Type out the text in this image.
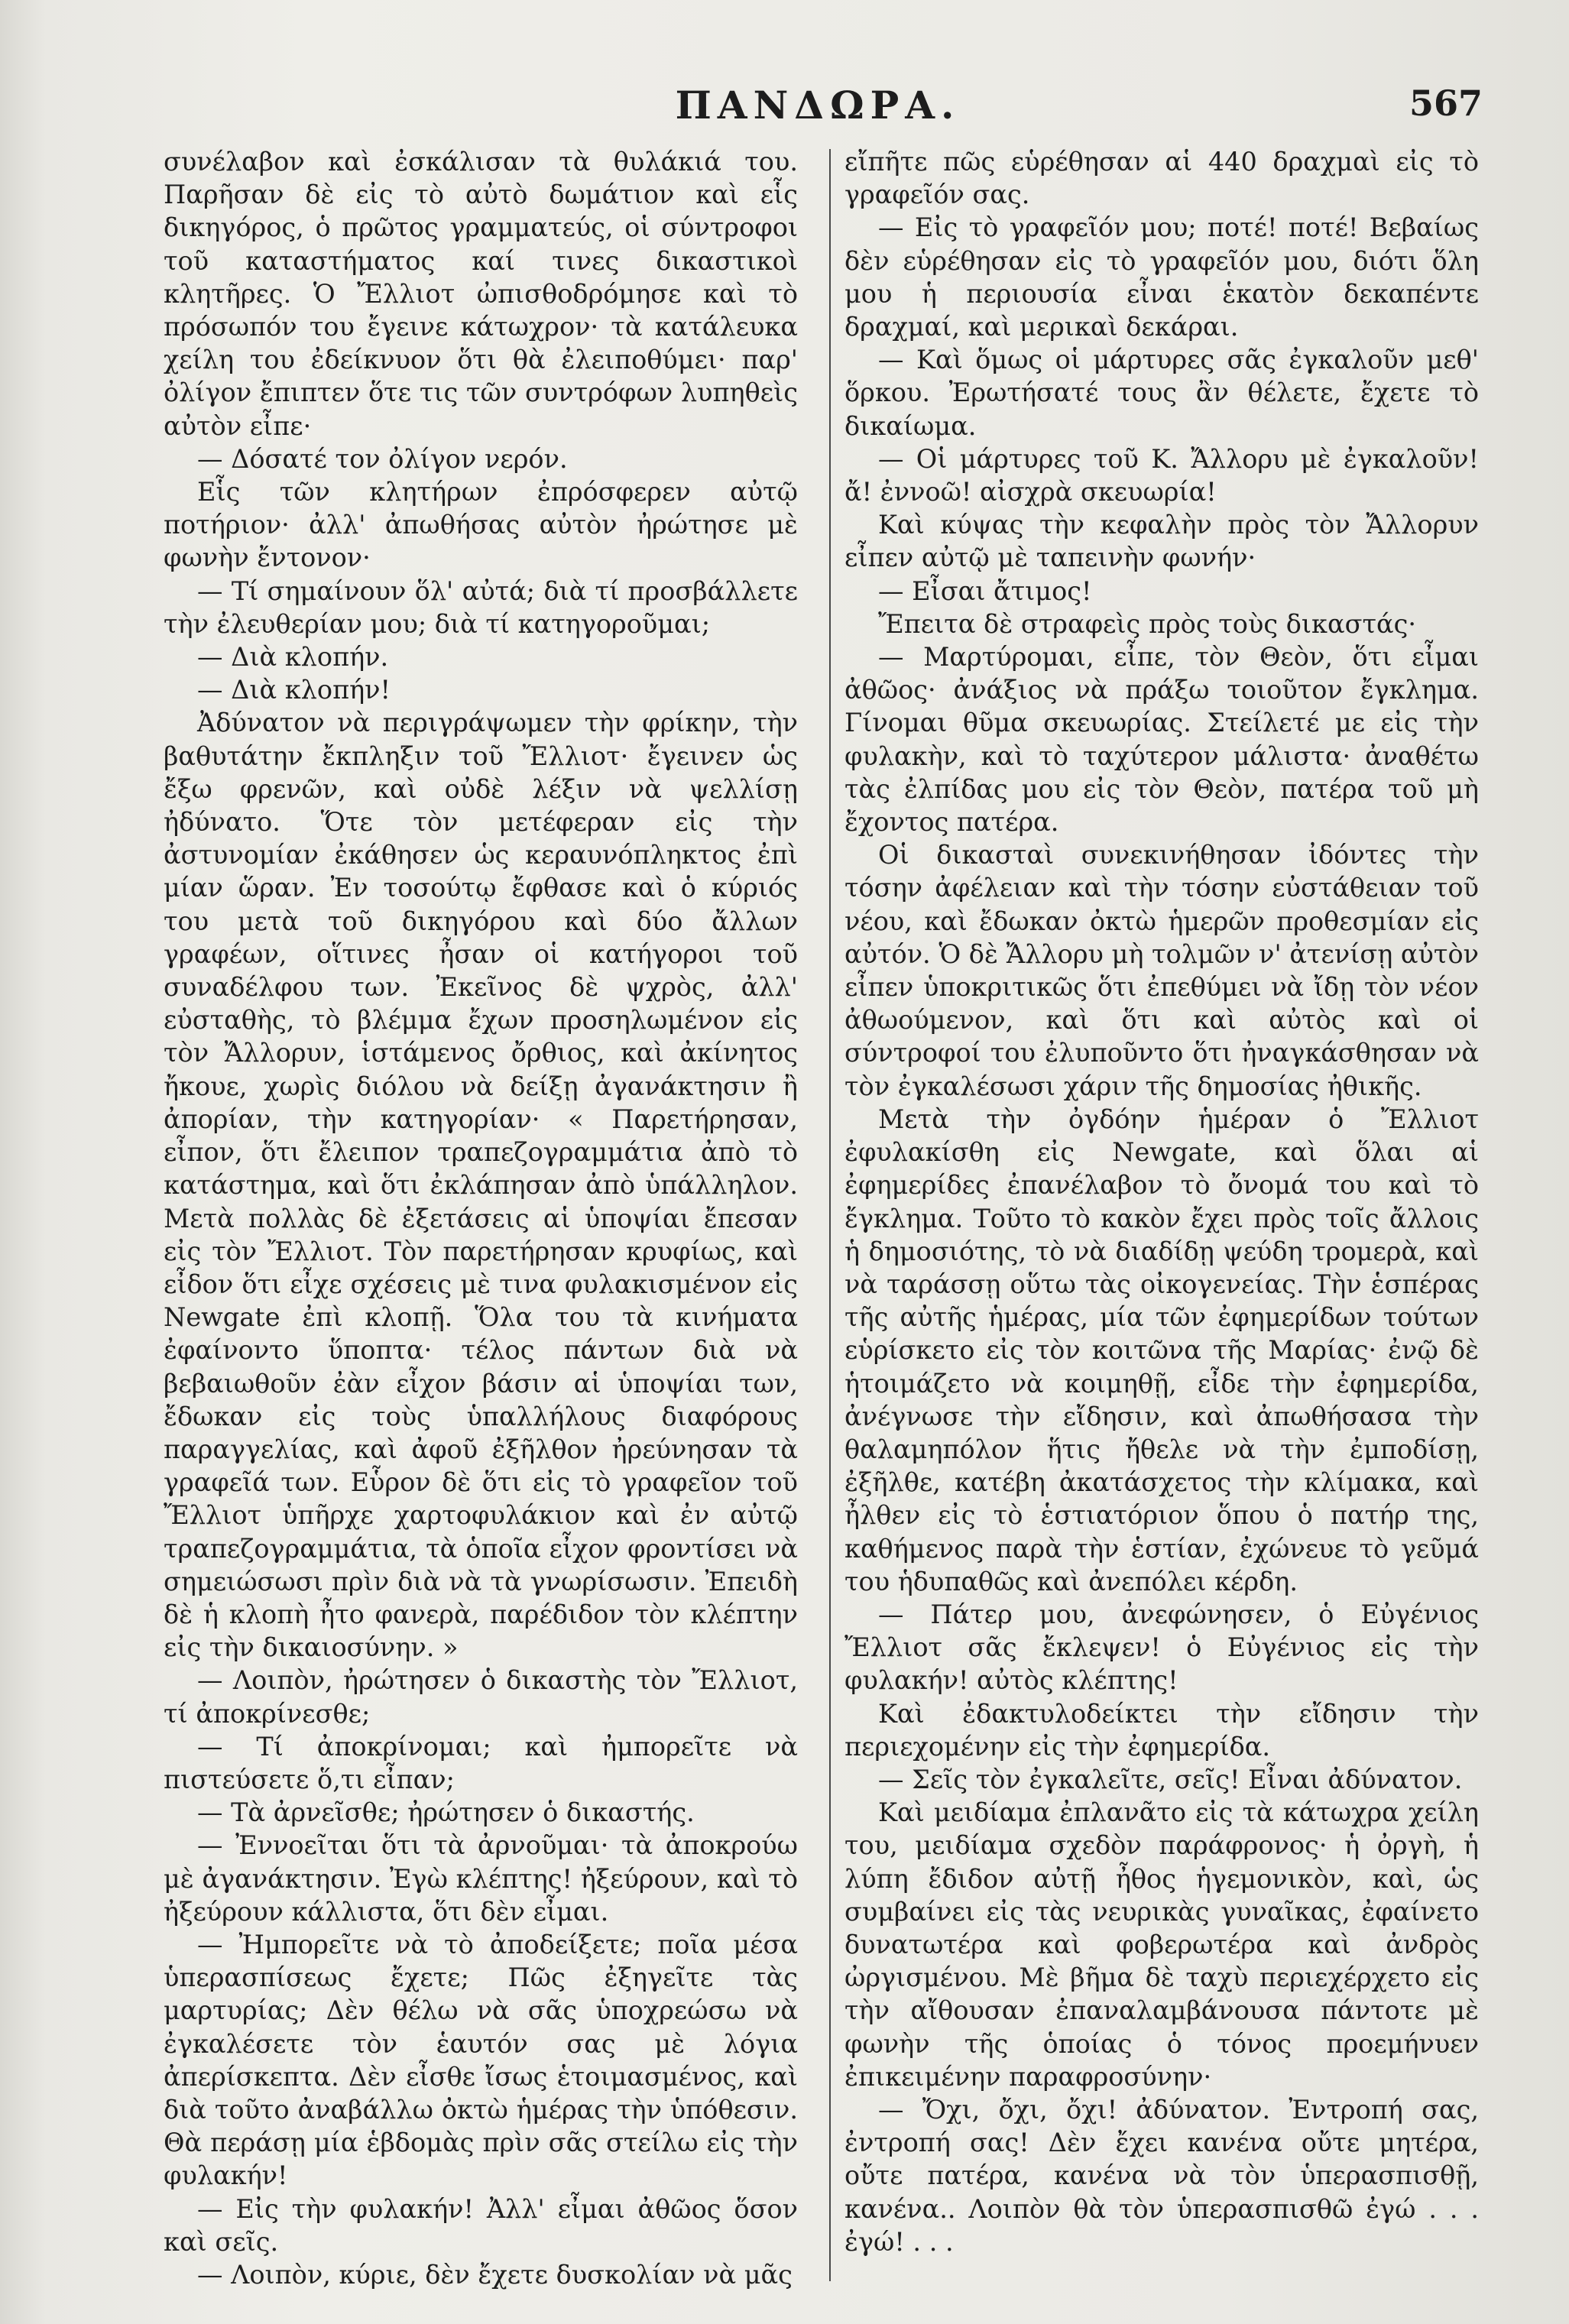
ΠΑΝΔΩΡΑ.	567

συνέλαβον καὶ ἐσκάλισαν τὰ θυλάκιά του. Παρῆσαν δὲ εἰς τὸ αὐτὸ δωμάτιον καὶ εἷς δικηγόρος, ὁ πρῶτος γραμματεύς, οἱ σύντροφοι τοῦ καταστήματος καί τινες δικαστικοὶ κλητῆρες. Ὁ Ἔλλιοτ ὠπισθοδρόμησε καὶ τὸ πρόσωπόν του ἔγεινε κάτωχρον· τὰ κατάλευκα χείλη του ἐδείκνυον ὅτι θὰ ἐλειποθύμει· παρ' ὀλίγον ἔπιπτεν ὅτε τις τῶν συντρόφων λυπηθεὶς αὐτὸν εἶπε·

— Δόσατέ τον ὀλίγον νερόν.

Εἷς τῶν κλητήρων ἐπρόσφερεν αὐτῷ ποτήριον· ἀλλ' ἀπωθήσας αὐτὸν ἠρώτησε μὲ φωνὴν ἔντονον·

— Τί σημαίνουν ὅλ' αὐτά; διὰ τί προσβάλλετε τὴν ἐλευθερίαν μου; διὰ τί κατηγοροῦμαι;

— Διὰ κλοπήν.

— Διὰ κλοπήν!

Ἀδύνατον νὰ περιγράψωμεν τὴν φρίκην, τὴν βαθυτάτην ἔκπληξιν τοῦ Ἔλλιοτ· ἔγεινεν ὡς ἔξω φρενῶν, καὶ οὐδὲ λέξιν νὰ ψελλίσῃ ἠδύνατο. Ὅτε τὸν μετέφεραν εἰς τὴν ἀστυνομίαν ἐκάθησεν ὡς κεραυνόπληκτος ἐπὶ μίαν ὥραν. Ἐν τοσούτῳ ἔφθασε καὶ ὁ κύριός του μετὰ τοῦ δικηγόρου καὶ δύο ἄλλων γραφέων, οἵτινες ἦσαν οἱ κατήγοροι τοῦ συναδέλφου των. Ἐκεῖνος δὲ ψχρὸς, ἀλλ' εὐσταθὴς, τὸ βλέμμα ἔχων προσηλωμένον εἰς τὸν Ἄλλορυν, ἱστάμενος ὄρθιος, καὶ ἀκίνητος ἤκουε, χωρὶς διόλου νὰ δείξῃ ἀγανάκτησιν ἢ ἀπορίαν, τὴν κατηγορίαν· « Παρετήρησαν, εἶπον, ὅτι ἔλειπον τραπεζογραμμάτια ἀπὸ τὸ κατάστημα, καὶ ὅτι ἐκλάπησαν ἀπὸ ὑπάλληλον. Μετὰ πολλὰς δὲ ἐξετάσεις αἱ ὑποψίαι ἔπεσαν εἰς τὸν Ἔλλιοτ. Τὸν παρετήρησαν κρυφίως, καὶ εἶδον ὅτι εἶχε σχέσεις μὲ τινα φυλακισμένον εἰς Newgate ἐπὶ κλοπῇ. Ὅλα του τὰ κινήματα ἐφαίνοντο ὕποπτα· τέλος πάντων διὰ νὰ βεβαιωθοῦν ἐὰν εἶχον βάσιν αἱ ὑποψίαι των, ἔδωκαν εἰς τοὺς ὑπαλλήλους διαφόρους παραγγελίας, καὶ ἀφοῦ ἐξῆλθον ἠρεύνησαν τὰ γραφεῖά των. Εὗρον δὲ ὅτι εἰς τὸ γραφεῖον τοῦ Ἔλλιοτ ὑπῆρχε χαρτοφυλάκιον καὶ ἐν αὐτῷ τραπεζογραμμάτια, τὰ ὁποῖα εἶχον φροντίσει νὰ σημειώσωσι πρὶν διὰ νὰ τὰ γνωρίσωσιν. Ἐπειδὴ δὲ ἡ κλοπὴ ἦτο φανερὰ, παρέδιδον τὸν κλέπτην εἰς τὴν δικαιοσύνην. »

— Λοιπὸν, ἠρώτησεν ὁ δικαστὴς τὸν Ἔλλιοτ, τί ἀποκρίνεσθε;

— Τί ἀποκρίνομαι; καὶ ἠμπορεῖτε νὰ πιστεύσετε ὅ,τι εἶπαν;

— Τὰ ἀρνεῖσθε; ἠρώτησεν ὁ δικαστής.

— Ἐννοεῖται ὅτι τὰ ἀρνοῦμαι· τὰ ἀποκρούω μὲ ἀγανάκτησιν. Ἐγὼ κλέπτης! ἠξεύρουν, καὶ τὸ ἠξεύρουν κάλλιστα, ὅτι δὲν εἶμαι.

— Ἠμπορεῖτε νὰ τὸ ἀποδείξετε; ποῖα μέσα ὑπερασπίσεως ἔχετε; Πῶς ἐξηγεῖτε τὰς μαρτυρίας; Δὲν θέλω νὰ σᾶς ὑποχρεώσω νὰ ἐγκαλέσετε τὸν ἑαυτόν σας μὲ λόγια ἀπερίσκεπτα. Δὲν εἶσθε ἴσως ἑτοιμασμένος, καὶ διὰ τοῦτο ἀναβάλλω ὀκτὼ ἡμέρας τὴν ὑπόθεσιν. Θὰ περάσῃ μία ἑβδομὰς πρὶν σᾶς στείλω εἰς τὴν φυλακήν!

— Εἰς τὴν φυλακήν! Ἀλλ' εἶμαι ἀθῶος ὅσον καὶ σεῖς.

— Λοιπὸν, κύριε, δὲν ἔχετε δυσκολίαν νὰ μᾶς

εἴπῆτε πῶς εὑρέθησαν αἱ 440 δραχμαὶ εἰς τὸ γραφεῖόν σας.

— Εἰς τὸ γραφεῖόν μου; ποτέ! ποτέ! Βεβαίως δὲν εὑρέθησαν εἰς τὸ γραφεῖόν μου, διότι ὅλη μου ἡ περιουσία εἶναι ἑκατὸν δεκαπέντε δραχμαί, καὶ μερικαὶ δεκάραι.

— Καὶ ὅμως οἱ μάρτυρες σᾶς ἐγκαλοῦν μεθ' ὅρκου. Ἐρωτήσατέ τους ἂν θέλετε, ἔχετε τὸ δικαίωμα.

— Οἱ μάρτυρες τοῦ Κ. Ἄλλορυ μὲ ἐγκαλοῦν! ἄ! ἐννοῶ! αἰσχρὰ σκευωρία!

Καὶ κύψας τὴν κεφαλὴν πρὸς τὸν Ἄλλορυν εἶπεν αὐτῷ μὲ ταπεινὴν φωνήν·

— Εἶσαι ἄτιμος!

Ἔπειτα δὲ στραφεὶς πρὸς τοὺς δικαστάς·

— Μαρτύρομαι, εἶπε, τὸν Θεὸν, ὅτι εἶμαι ἀθῶος· ἀνάξιος νὰ πράξω τοιοῦτον ἔγκλημα. Γίνομαι θῦμα σκευωρίας. Στείλετέ με εἰς τὴν φυλακὴν, καὶ τὸ ταχύτερον μάλιστα· ἀναθέτω τὰς ἐλπίδας μου εἰς τὸν Θεὸν, πατέρα τοῦ μὴ ἔχοντος πατέρα.

Οἱ δικασταὶ συνεκινήθησαν ἰδόντες τὴν τόσην ἀφέλειαν καὶ τὴν τόσην εὐστάθειαν τοῦ νέου, καὶ ἔδωκαν ὀκτὼ ἡμερῶν προθεσμίαν εἰς αὐτόν. Ὁ δὲ Ἄλλορυ μὴ τολμῶν ν' ἀτενίσῃ αὐτὸν εἶπεν ὑποκριτικῶς ὅτι ἐπεθύμει νὰ ἴδῃ τὸν νέον ἀθωούμενον, καὶ ὅτι καὶ αὐτὸς καὶ οἱ σύντροφοί του ἐλυποῦντο ὅτι ἠναγκάσθησαν νὰ τὸν ἐγκαλέσωσι χάριν τῆς δημοσίας ἠθικῆς.

Μετὰ τὴν ὀγδόην ἡμέραν ὁ Ἔλλιοτ ἐφυλακίσθη εἰς Newgate, καὶ ὅλαι αἱ ἐφημερίδες ἐπανέλαβον τὸ ὄνομά του καὶ τὸ ἔγκλημα. Τοῦτο τὸ κακὸν ἔχει πρὸς τοῖς ἄλλοις ἡ δημοσιότης, τὸ νὰ διαδίδῃ ψεύδη τρομερὰ, καὶ νὰ ταράσσῃ οὕτω τὰς οἰκογενείας. Τὴν ἑσπέρας τῆς αὐτῆς ἡμέρας, μία τῶν ἐφημερίδων τούτων εὑρίσκετο εἰς τὸν κοιτῶνα τῆς Μαρίας· ἐνῷ δὲ ἡτοιμάζετο νὰ κοιμηθῇ, εἶδε τὴν ἐφημερίδα, ἀνέγνωσε τὴν εἴδησιν, καὶ ἀπωθήσασα τὴν θαλαμηπόλον ἥτις ἤθελε νὰ τὴν ἐμποδίσῃ, ἐξῆλθε, κατέβη ἀκατάσχετος τὴν κλίμακα, καὶ ἦλθεν εἰς τὸ ἑστιατόριον ὅπου ὁ πατήρ της, καθήμενος παρὰ τὴν ἑστίαν, ἐχώνευε τὸ γεῦμά του ἡδυπαθῶς καὶ ἀνεπόλει κέρδη.

— Πάτερ μου, ἀνεφώνησεν, ὁ Εὐγένιος Ἔλλιοτ σᾶς ἔκλεψεν! ὁ Εὐγένιος εἰς τὴν φυλακήν! αὐτὸς κλέπτης!

Καὶ ἐδακτυλοδείκτει τὴν εἴδησιν τὴν περιεχομένην εἰς τὴν ἐφημερίδα.

— Σεῖς τὸν ἐγκαλεῖτε, σεῖς! Εἶναι ἀδύνατον.

Καὶ μειδίαμα ἐπλανᾶτο εἰς τὰ κάτωχρα χείλη του, μειδίαμα σχεδὸν παράφρονος· ἡ ὀργὴ, ἡ λύπη ἔδιδον αὐτῇ ἦθος ἡγεμονικὸν, καὶ, ὡς συμβαίνει εἰς τὰς νευρικὰς γυναῖκας, ἐφαίνετο δυνατωτέρα καὶ φοβερωτέρα καὶ ἀνδρὸς ὠργισμένου. Μὲ βῆμα δὲ ταχὺ περιεχέρχετο εἰς τὴν αἴθουσαν ἐπαναλαμβάνουσα πάντοτε μὲ φωνὴν τῆς ὁποίας ὁ τόνος προεμήνυεν ἐπικειμένην παραφροσύνην·

— Ὄχι, ὄχι, ὄχι! ἀδύνατον. Ἐντροπή σας, ἐντροπή σας! Δὲν ἔχει κανένα οὔτε μητέρα, οὔτε πατέρα, κανένα νὰ τὸν ὑπερασπισθῇ, κανένα.. Λοιπὸν θὰ τὸν ὑπερασπισθῶ ἐγώ . . . ἐγώ! . . .
